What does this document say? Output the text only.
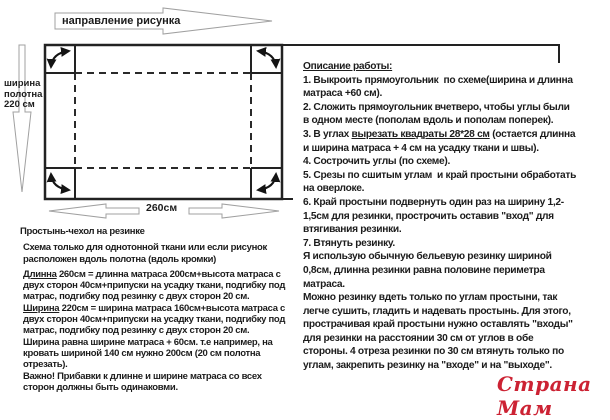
направление рисунка
ширина
полотна
220 см
260см
Простынь-чехол на резинке
Схема только для однотонной ткани или если рисунок
расположен вдоль полотна (вдоль кромки)
Длинна 260см = длинна матраса 200см+высота матраса с
двух сторон 40см+припуски на усадку ткани, подгибку под
матрас, подгибку под резинку с двух сторон 20 см.
Ширина 220см = ширина матраса 160см+высота матраса с
двух сторон 40см+припуски на усадку ткани, подгибку под
матрас, подгибку под резинку с двух сторон 20 см.
Ширина равна ширине матраса + 60см. т.е например, на
кровать шириной 140 см нужно 200см (20 см полотна
отрезать).
Важно! Прибавки к длинне и ширине матраса со всех
сторон должны быть одинаковми.
Описание работы:
1. Выкроить прямоугольник  по схеме(ширина и длинна
матраса +60 см).
2. Сложить прямоугольник вчетверо, чтобы углы были
в одном месте (пополам вдоль и пополам поперек).
3. В углах вырезать квадраты 28*28 см (остается длинна
и ширина матраса + 4 см на усадку ткани и швы).
4. Сострочить углы (по схеме).
5. Срезы по сшитым углам  и край простыни обработать
на оверлоке.
6. Край простыни подвернуть один раз на ширину 1,2-
1,5см для резинки, прострочить оставив "вход" для
втягивания резинки.
7. Втянуть резинку.
Я использую обычную бельевую резинку шириной
0,8см, длинна резинки равна половине периметра
матраса.
Можно резинку вдеть только по углам простыни, так
легче сушить, гладить и надевать простынь. Для этого,
прострачивая край простыни нужно оставлять "входы"
для резинки на расстоянии 30 см от углов в обе
стороны. 4 отреза резинки по 30 см втянуть только по
углам, закрепить резинку на "входе" и на "выходе".
Страна Мам
